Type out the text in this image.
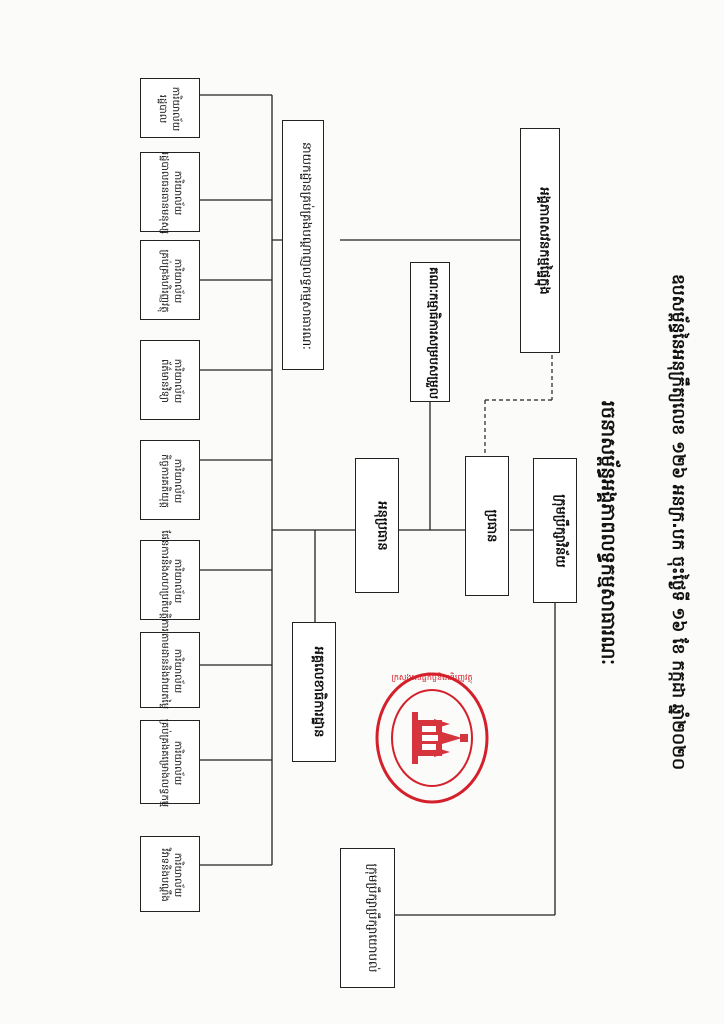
ឧបសម្ព័ន្ធនៃអនុក្រឹត្យលេខ ១២៦ អនក្រ.បក ចុះថ្ងៃទី ១៦ ខែ កក្កដា ឆ្នាំ២០២០
រចនាសម្ព័ន្ធអង្គភាពលទ្ធកម្មសាធារណៈ
អង្គភាពសវនកម្មផ្ទៃក្នុង
គណៈកម្មាធិការសម្របសម្រួល
នាយកដ្ឋានគ្រប់គ្រងបណ្តាញលទ្ធកម្មសាធារណៈ
អនុប្រធាន	ប្រធាន	ក្រុមប្រឹក្សាវិន័យ
អគ្គលេខាធិការដ្ឋាន
ក្រុមប្រឹក្សាប្រឹក្សាយោបល់
ការិយាល័យ
រដ្ឋបាល
ការិយាល័យ
រដ្ឋបាលធនធានមនុស្ស
ការិយាល័យ
គ្រប់គ្រងហិរញ្ញវត្ថុ
ការិយាល័យ
ព័ត៌មានវិទ្យា
ការិយាល័យ
កិច្ចការគតិយុត្ត
ការិយាល័យ
ផែនការនិងសហប្រតិបត្តិការ
ការិយាល័យ
តាមដាននិងវាយតម្លៃ
ការិយាល័យ
គ្រប់គ្រងគម្រោងលទ្ធកម្ម
ការិយាល័យ
វិវាទនិងបណ្តឹង
ក្រសួងសេដ្ឋកិច្ចនិងហិរញ្ញវត្ថុ
